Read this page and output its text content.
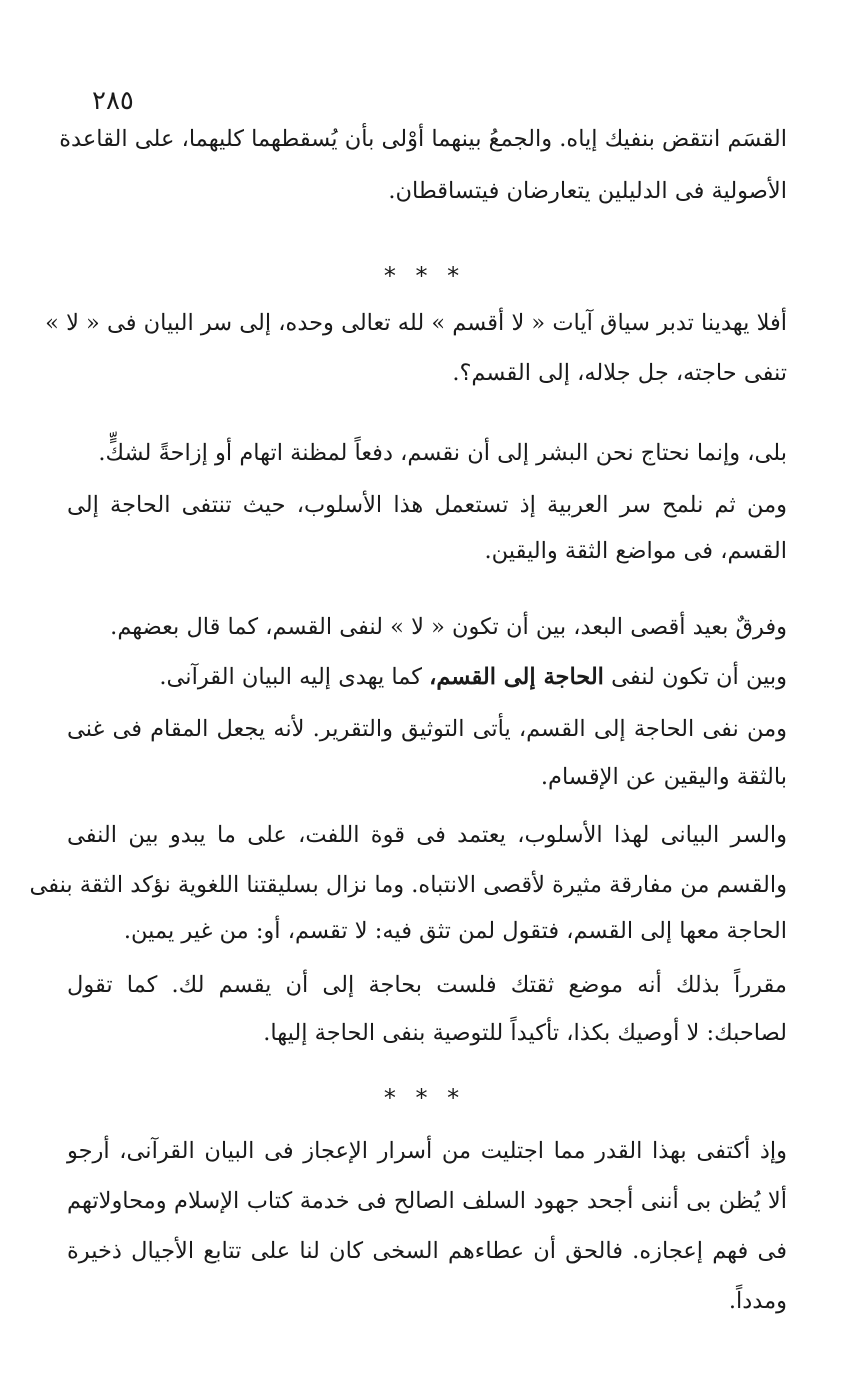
٢٨٥
القسَم انتقض بنفيك إياه. والجمعُ بينهما أوْلى بأن يُسقطهما كليهما، على القاعدة
الأصولية فى الدليلين يتعارضان فيتساقطان.
* * *
أفلا يهدينا تدبر سياق آيات « لا أقسم » لله تعالى وحده، إلى سر البيان فى « لا »
تنفى حاجته، جل جلاله، إلى القسم؟.
بلى، وإنما نحتاج نحن البشر إلى أن نقسم، دفعاً لمظنة اتهام أو إزاحةً لشكٍّ.
ومن ثم نلمح سر العربية إذ تستعمل هذا الأسلوب، حيث تنتفى الحاجة إلى
القسم، فى مواضع الثقة واليقين.
وفرقٌ بعيد أقصى البعد، بين أن تكون « لا » لنفى القسم، كما قال بعضهم.
وبين أن تكون لنفى الحاجة إلى القسم، كما يهدى إليه البيان القرآنى.
ومن نفى الحاجة إلى القسم، يأتى التوثيق والتقرير. لأنه يجعل المقام فى غنى
بالثقة واليقين عن الإقسام.
والسر البيانى لهذا الأسلوب، يعتمد فى قوة اللفت، على ما يبدو بين النفى
والقسم من مفارقة مثيرة لأقصى الانتباه. وما نزال بسليقتنا اللغوية نؤكد الثقة بنفى
الحاجة معها إلى القسم، فتقول لمن تثق فيه: لا تقسم، أو: من غير يمين.
مقرراً بذلك أنه موضع ثقتك فلست بحاجة إلى أن يقسم لك. كما تقول
لصاحبك: لا أوصيك بكذا، تأكيداً للتوصية بنفى الحاجة إليها.
* * *
وإذ أكتفى بهذا القدر مما اجتليت من أسرار الإعجاز فى البيان القرآنى، أرجو
ألا يُظن بى أننى أجحد جهود السلف الصالح فى خدمة كتاب الإسلام ومحاولاتهم
فى فهم إعجازه. فالحق أن عطاءهم السخى كان لنا على تتابع الأجيال ذخيرة
ومدداً.
